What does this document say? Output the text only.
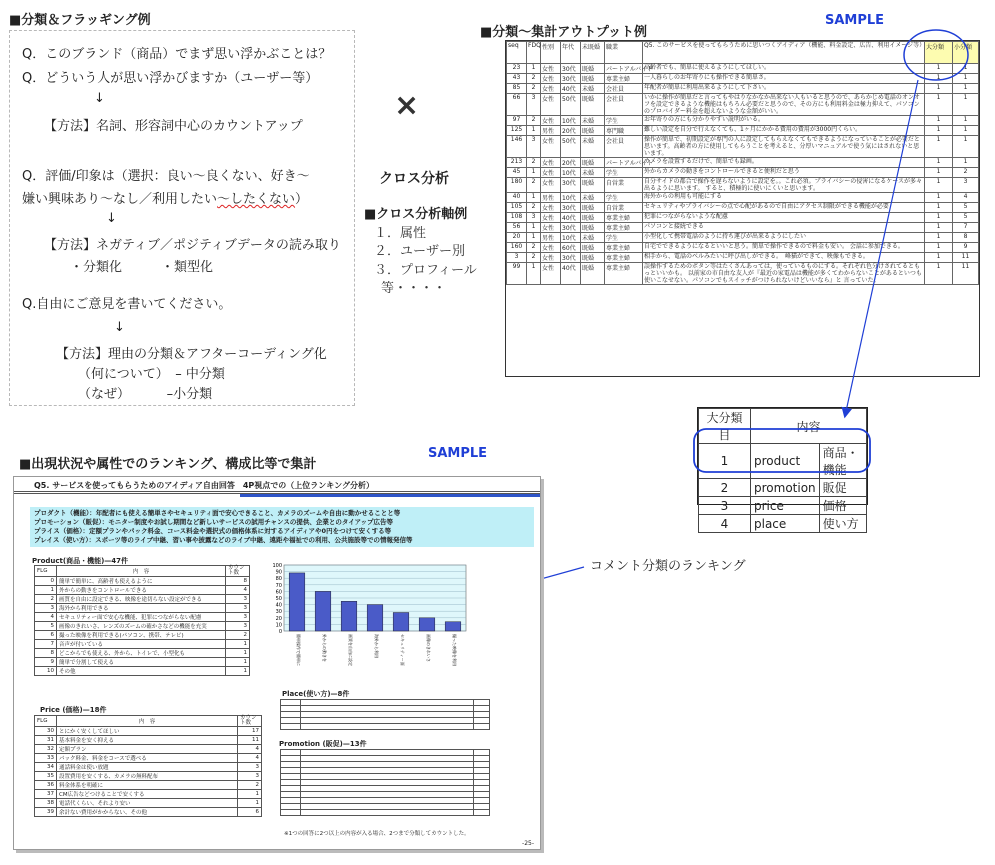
■分類＆フラッギング例
■分類～集計アウトプット例
SAMPLE
■出現状況や属性でのランキング、構成比等で集計
SAMPLE
Q．このブランド（商品）でまず思い浮かぶことは？
Q．どういう人が思い浮かびますか（ユーザー等）
↓
【方法】名詞、形容詞中心のカウントアップ
Q．評価/印象は（選択：良い～良くない、好き～
嫌い興味あり～なし／利用したい～したくない）
↓
【方法】ネガティブ／ポジティブデータの読み取り
・分類化　　　・類型化
Q.自由にご意見を書いてください。
↓
【方法】理由の分類＆アフターコーディング化
（何について）　– 中分類
（なぜ）　　　 –小分類
×
クロス分析
■クロス分析軸例
１．属性
２．ユーザー別
３．プロフィール
等・・・・
seq	FDQ	性別	年代	未既婚	職業	Q5. このサービスを使ってもらうために思いつくアイディア（機能、料金設定、広告、利用イメージ等）	大分類	小分類
23	1	女性	30代	既婚	パートアルバイト	高齢者でも、簡単に使えるようにしてほしい。	1	1
43	2	女性	30代	既婚	専業主婦	一人暮らしのお年寄りにも操作できる簡単さ。	1	1
85	2	女性	40代	未婚	会社員	年配者が簡単に利用出来るようにして下さい。	1	1
66	3	女性	50代	既婚	会社員	いかに操作が簡単だと言ってもやはりなかなか出来ない人もいると思うので、あらかじめ電話のオンオフを設定できるような機能はもちろん必要だと思うので、その方にも利用料金は極力抑えて、パソコンのプロバイダー料金を超えないような金額がいい。	1	1
97	2	女性	10代	未婚	学生	お年寄りの方にも分かりやすい説明がいる。	1	1
125	1	男性	20代	既婚	専門職	難しい設定を自分で行えなくても、1ヶ月にかかる費用の費用が3000円くらい。	1	1
146	3	女性	50代	未婚	会社員	操作が簡単で、初期設定が専門の人に設定してもらえなくてもできるようになっていることが必要だと思います。高齢者の方に使用してもらうことを考えると、分厚いマニュアルで使う気にはされないと思います。	1	1
213	2	女性	20代	既婚	パートアルバイト	カメラを設置するだけで、簡単でも録画。	1	1
45	1	女性	10代	未婚	学生	外からカメラの動きをコントロールできると便利だと思う	1	2
180	2	女性	30代	既婚	自営業	自分サイドの都合で操作を遅らないように設定を。。これ必須。プライバシーの侵害になるケースが多々出るように思います。 すると、積極的に使いにくいと思います。	1	3
40	1	男性	10代	未婚	学生	海外からの利用も可能にする	1	4
105	2	女性	30代	既婚	自営業	セキュリティやプライバシーの点で心配があるので自由にアクセス制限ができる機能が必要	1	5
108	3	女性	40代	既婚	専業主婦	犯罪につながらないような配慮	1	5
56	1	女性	30代	既婚	専業主婦	パソコンと接続できる	1	7
20	1	男性	10代	未婚	学生	小型化して携帯電話のように持ち運びが出来るようにしたい	1	8
160	2	女性	60代	既婚	専業主婦	自宅でできるようになるといいと思う。簡単で操作できるので料金も安い。 会話に参加できる。	1	9
3	2	女性	30代	既婚	専業主婦	相手から、電話のベルみたいに呼び出しができる。　峰猫ができて、映像もできる。	1	11
99	1	女性	40代	既婚	専業主婦	誤操作するためのボタン等はたくさんあっては、使っているものにする。それぞれ色分けされてるともっといいかも。 以前家の市自由な友人が『最近の家電品は機能が多くてわからないことがあるといつも使いこなせない。パソコンでもスイッチがつけられないけどいいなら』と 言っていた。	1	11
大分類目	内容	
1	product	商品・機能
2	promotion	販促
3	price	価格
4	place	使い方
コメント分類のランキング
Q5. サービスを使ってもらうためのアイディア自由回答　4P視点での（上位ランキング分析）
プロダクト（機能）：年配者にも使える簡単さやセキュリティ面で安心できること、カメラのズームや自由に動かせることと等
プロモーション（販促）：モニター制度やお試し期間など新しいサービスの試用チャンスの提供、企業とのタイアップ広告等
プライス（価格）：定額プランやパック料金、コース料金や選択式の価格体系に対するアイディアや0円をつけて安くする等
プレイス（使い方）：スポーツ等のライブ中継、習い事や披露などのライブ中継、遠距や福祉での利用、公共施設等での情報発信等
Product(商品・機能)—47件
FLG	内　容	カウント数
0	簡単で簡単に、高齢者も使えるように	8
1	外からの動きをコントロールできる	4
2	画質を自由に設定できる、映像を途切らない設定ができる	3
3	海外から利用できる	3
4	セキュリティー面で安心な機能、犯罪につながらない配慮	3
5	画像のきれいさ、レンズのズームの確かさなどの機能を充実	3
6	撮った映像を利用できる(パソコン、携帯、テレビ)	2
7	音声が付いている	1
8	どこからでも使える、外から、トイレで、小型化も	1
9	簡単で分割して使える	1
10	その他	1
Price (価格)—18件
FLG	内　容	カウント数
30	とにかく安くしてほしい	17
31	基本料金を安く抑える	11
32	定額プラン	4
33	パック料金、料金をコースで選べる	4
34	通話料金は使い放題	3
35	設置費用を安くする、カメラの無料配布	3
36	料金体系を明確に	2
37	CM広告などつけることで安くする	1
38	電話代くらい、それより安い	1
39	余計ない費用がかからない、その他	6
0
10
20
30
40
50
60
70
80
90
100
簡単操作で簡単に	外からの動きを	画質を自由に設定	海外から利用	セキュリティー面	画像のきれいさ	撮った映像を利用
Place(使い方)—8件

Promotion (販促)—13件

※1つの回答に2つ以上の内容が入る場合、2つまで分類してカウントした。
-25-
